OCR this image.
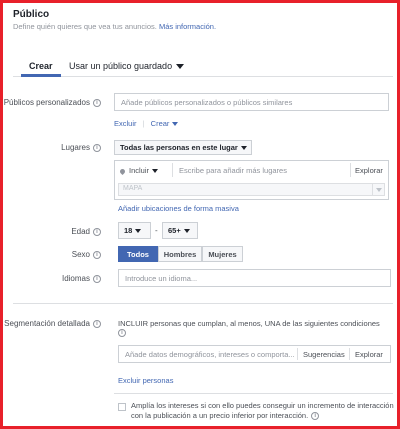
Público
Define quién quieres que vea tus anuncios. Más información.
Crear Usar un público guardado
Públicos personalizados i	Añade públicos personalizados o públicos similares
Excluir | Crear
Lugares i	Todas las personas en este lugar
Incluir	Escribe para añadir más lugares	Explorar
MAPA
Añadir ubicaciones de forma masiva
Edad i	18	-	65+
Sexo i	Todos	Hombres	Mujeres
Idiomas i	Introduce un idioma...
Segmentación detallada i	INCLUIR personas que cumplan, al menos, UNA de las siguientes condiciones
i
Añade datos demográficos, intereses o comporta...	Sugerencias Explorar
Excluir personas
Amplía los intereses si con ello puedes conseguir un incremento de interacción
con la publicación a un precio inferior por interacción. i
